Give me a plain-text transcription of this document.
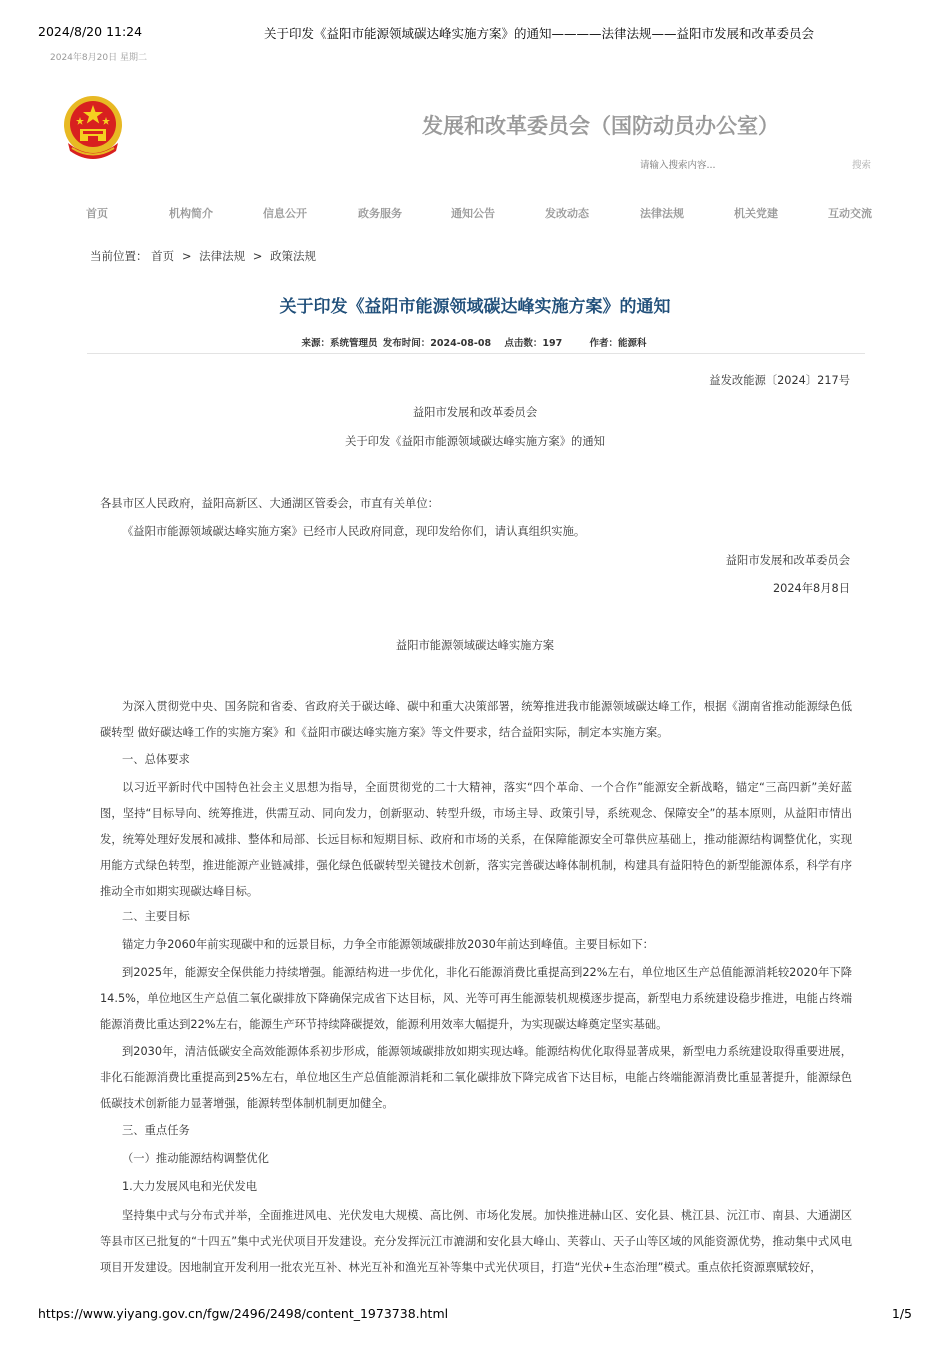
2024/8/20 11:24	关于印发《益阳市能源领域碳达峰实施方案》的通知————法律法规——益阳市发展和改革委员会
2024年8月20日 星期二
发展和改革委员会（国防动员办公室）
请输入搜索内容...
搜索
首页	机构简介	信息公开	政务服务	通知公告	发改动态	法律法规	机关党建	互动交流
当前位置： 首页 > 法律法规 > 政策法规
关于印发《益阳市能源领域碳达峰实施方案》的通知
来源：系统管理员 发布时间：2024-08-08 点击数：197	作者：能源科
益发改能源〔2024〕217号
益阳市发展和改革委员会
关于印发《益阳市能源领域碳达峰实施方案》的通知
各县市区人民政府，益阳高新区、大通湖区管委会，市直有关单位：
《益阳市能源领域碳达峰实施方案》已经市人民政府同意，现印发给你们，请认真组织实施。
益阳市发展和改革委员会
2024年8月8日
益阳市能源领域碳达峰实施方案
为深入贯彻党中央、国务院和省委、省政府关于碳达峰、碳中和重大决策部署，统筹推进我市能源领域碳达峰工作，根据《湖南省推动能源绿色低碳转型 做好碳达峰工作的实施方案》和《益阳市碳达峰实施方案》等文件要求，结合益阳实际，制定本实施方案。
一、总体要求
以习近平新时代中国特色社会主义思想为指导，全面贯彻党的二十大精神，落实“四个革命、一个合作”能源安全新战略，锚定“三高四新”美好蓝图，坚持“目标导向、统筹推进，供需互动、同向发力，创新驱动、转型升级，市场主导、政策引导，系统观念、保障安全”的基本原则，从益阳市情出发，统筹处理好发展和减排、整体和局部、长远目标和短期目标、政府和市场的关系，在保障能源安全可靠供应基础上，推动能源结构调整优化，实现用能方式绿色转型，推进能源产业链减排，强化绿色低碳转型关键技术创新，落实完善碳达峰体制机制，构建具有益阳特色的新型能源体系，科学有序推动全市如期实现碳达峰目标。
二、主要目标
锚定力争2060年前实现碳中和的远景目标，力争全市能源领域碳排放2030年前达到峰值。主要目标如下：
到2025年，能源安全保供能力持续增强。能源结构进一步优化，非化石能源消费比重提高到22%左右，单位地区生产总值能源消耗较2020年下降14.5%，单位地区生产总值二氧化碳排放下降确保完成省下达目标，风、光等可再生能源装机规模逐步提高，新型电力系统建设稳步推进，电能占终端能源消费比重达到22%左右，能源生产环节持续降碳提效，能源利用效率大幅提升，为实现碳达峰奠定坚实基础。
到2030年，清洁低碳安全高效能源体系初步形成，能源领域碳排放如期实现达峰。能源结构优化取得显著成果，新型电力系统建设取得重要进展，非化石能源消费比重提高到25%左右，单位地区生产总值能源消耗和二氧化碳排放下降完成省下达目标，电能占终端能源消费比重显著提升，能源绿色低碳技术创新能力显著增强，能源转型体制机制更加健全。
三、重点任务
（一）推动能源结构调整优化
1.大力发展风电和光伏发电
坚持集中式与分布式并举，全面推进风电、光伏发电大规模、高比例、市场化发展。加快推进赫山区、安化县、桃江县、沅江市、南县、大通湖区等县市区已批复的“十四五”集中式光伏项目开发建设。充分发挥沅江市漉湖和安化县大峰山、芙蓉山、天子山等区域的风能资源优势，推动集中式风电项目开发建设。因地制宜开发利用一批农光互补、林光互补和渔光互补等集中式光伏项目，打造“光伏+生态治理”模式。重点依托资源禀赋较好，
https://www.yiyang.gov.cn/fgw/2496/2498/content_1973738.html	1/5
